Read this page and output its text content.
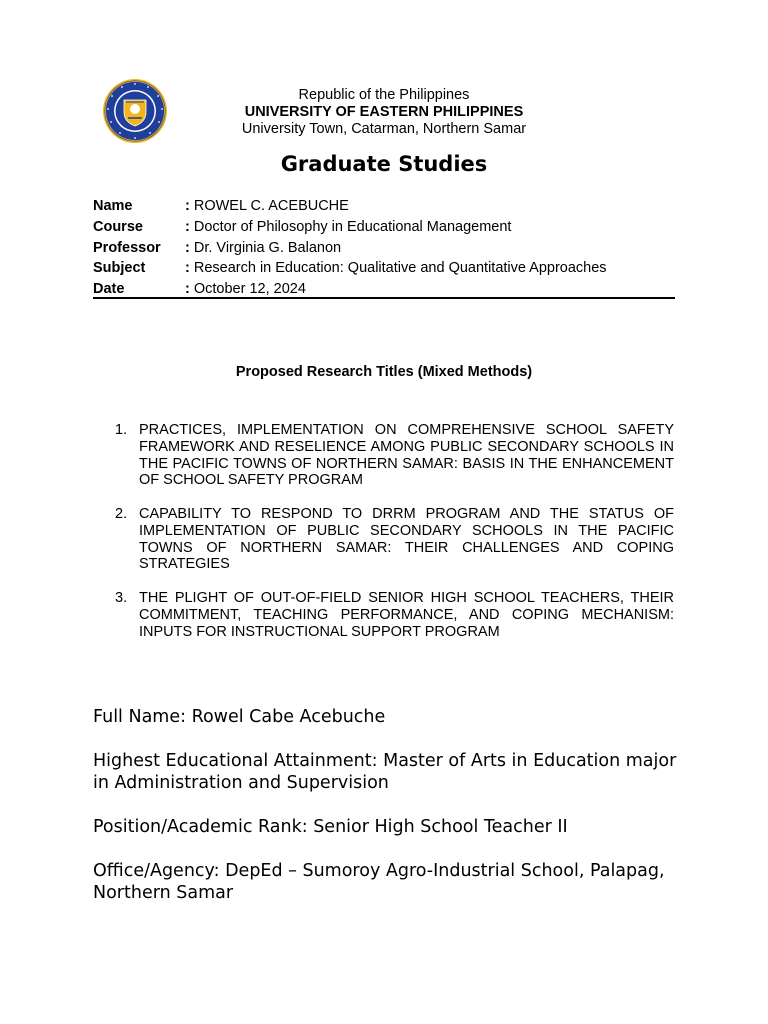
Republic of the Philippines
UNIVERSITY OF EASTERN PHILIPPINES
University Town, Catarman, Northern Samar
Graduate Studies
Name	: ROWEL C. ACEBUCHE
Course	: Doctor of Philosophy in Educational Management
Professor : Dr. Virginia G. Balanon
Subject	: Research in Education: Qualitative and Quantitative Approaches
Date	: October 12, 2024
Proposed Research Titles (Mixed Methods)
1. PRACTICES, IMPLEMENTATION ON COMPREHENSIVE SCHOOL SAFETY FRAMEWORK AND RESELIENCE AMONG PUBLIC SECONDARY SCHOOLS IN THE PACIFIC TOWNS OF NORTHERN SAMAR: BASIS IN THE ENHANCEMENT OF SCHOOL SAFETY PROGRAM
2. CAPABILITY TO RESPOND TO DRRM PROGRAM AND THE STATUS OF IMPLEMENTATION OF PUBLIC SECONDARY SCHOOLS IN THE PACIFIC TOWNS OF NORTHERN SAMAR: THEIR CHALLENGES AND COPING STRATEGIES
3. THE PLIGHT OF OUT-OF-FIELD SENIOR HIGH SCHOOL TEACHERS, THEIR COMMITMENT, TEACHING PERFORMANCE, AND COPING MECHANISM: INPUTS FOR INSTRUCTIONAL SUPPORT PROGRAM

Full Name: Rowel Cabe Acebuche

Highest Educational Attainment: Master of Arts in Education major in Administration and Supervision

Position/Academic Rank: Senior High School Teacher II

Office/Agency: DepEd – Sumoroy Agro-Industrial School, Palapag, Northern Samar
